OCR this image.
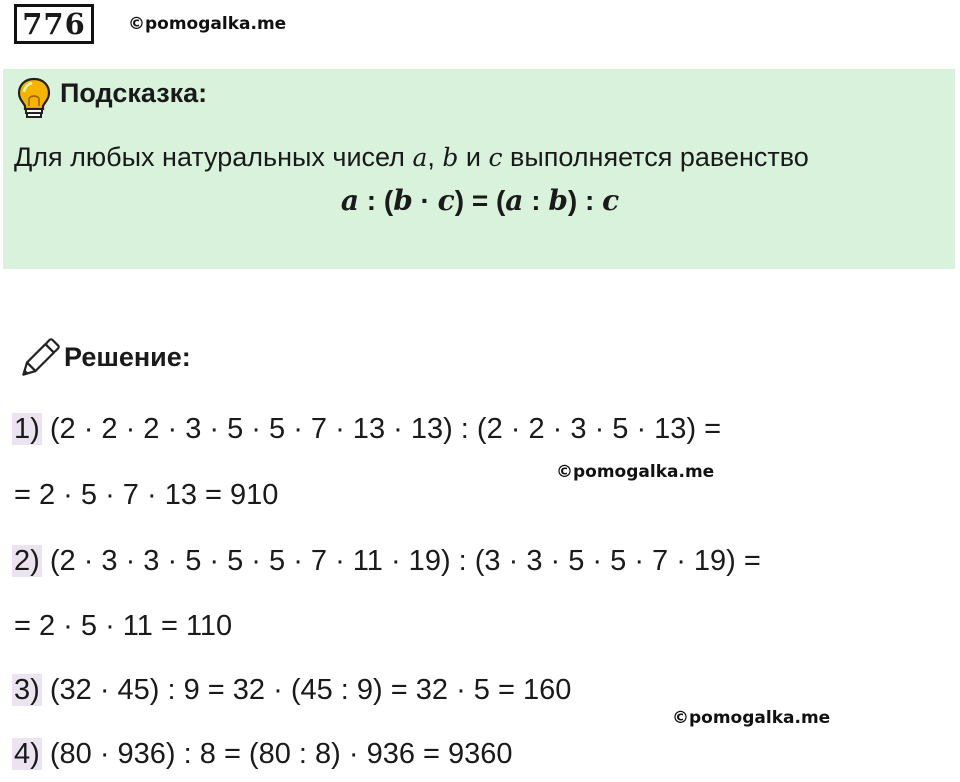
776	©pomogalka.me
Подсказка:
Для любых натуральных чисел a, b и c выполняется равенство
a : (b · c) = (a : b) : c
Решение:
1) (2 · 2 · 2 · 3 · 5 · 5 · 7 · 13 · 13) : (2 · 2 · 3 · 5 · 13) =
©pomogalka.me
= 2 · 5 · 7 · 13 = 910
2) (2 · 3 · 3 · 5 · 5 · 5 · 7 · 11 · 19) : (3 · 3 · 5 · 5 · 7 · 19) =
= 2 · 5 · 11 = 110
3) (32 · 45) : 9 = 32 · (45 : 9) = 32 · 5 = 160
©pomogalka.me
4) (80 · 936) : 8 = (80 : 8) · 936 = 9360
